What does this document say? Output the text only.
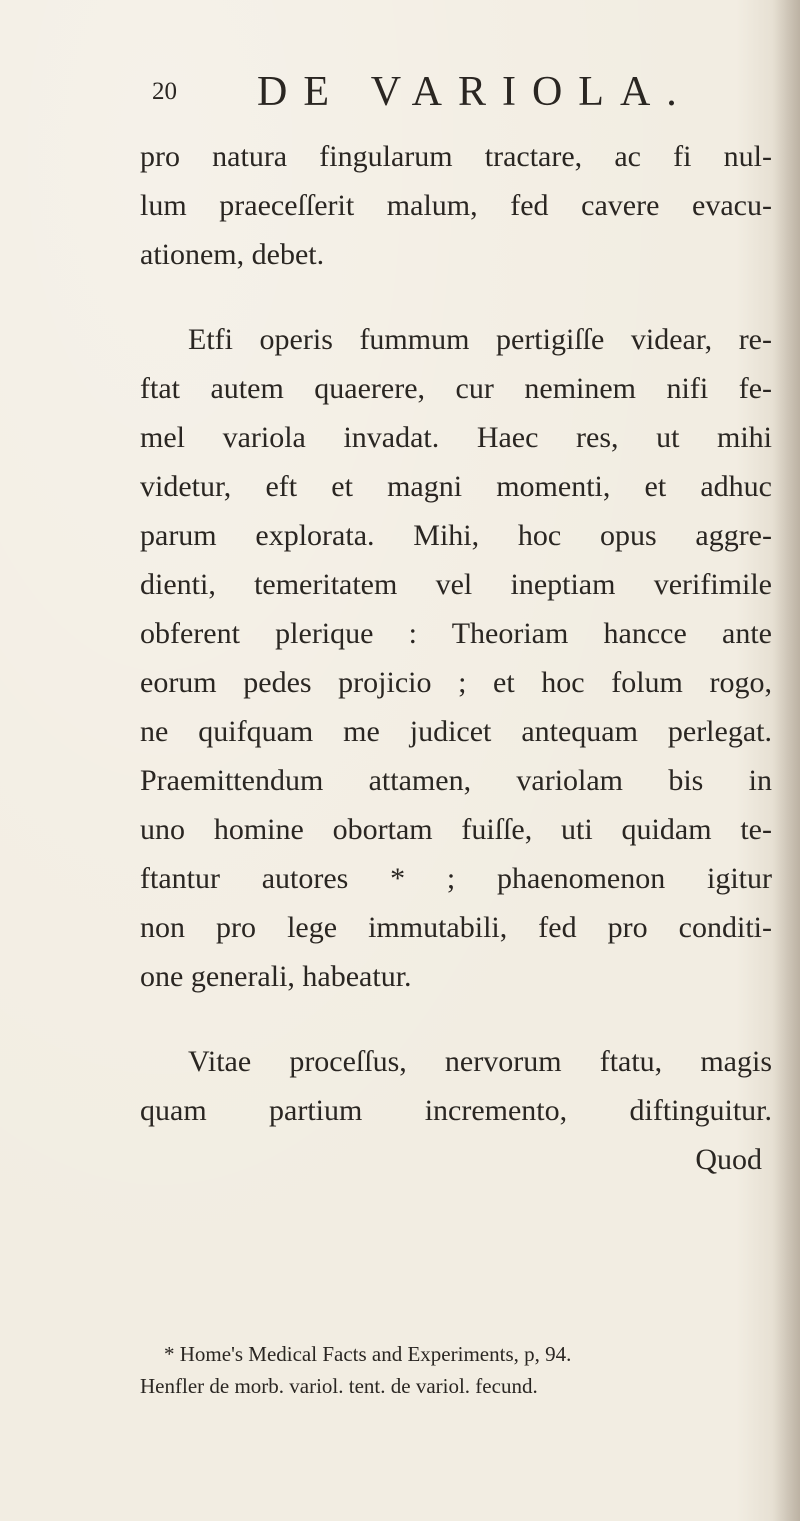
20 DE VARIOLA.
pro natura fingularum tractare, ac fi nul-
lum praeceſſerit malum, fed cavere evacu-
ationem, debet.
Etfi operis fummum pertigiſſe videar, re-
ftat autem quaerere, cur neminem nifi fe-
mel variola invadat. Haec res, ut mihi
videtur, eft et magni momenti, et adhuc
parum explorata. Mihi, hoc opus aggre-
dienti, temeritatem vel ineptiam verifimile
obferent plerique : Theoriam hancce ante
eorum pedes projicio ; et hoc folum rogo,
ne quifquam me judicet antequam perlegat.
Praemittendum attamen, variolam bis in
uno homine obortam fuiſſe, uti quidam te-
ftantur autores * ; phaenomenon igitur
non pro lege immutabili, fed pro conditi-
one generali, habeatur.
Vitae proceſſus, nervorum ftatu, magis
quam partium incremento, diftinguitur.
Quod
* Home's Medical Facts and Experiments, p, 94.
Henfler de morb. variol. tent. de variol. fecund.
